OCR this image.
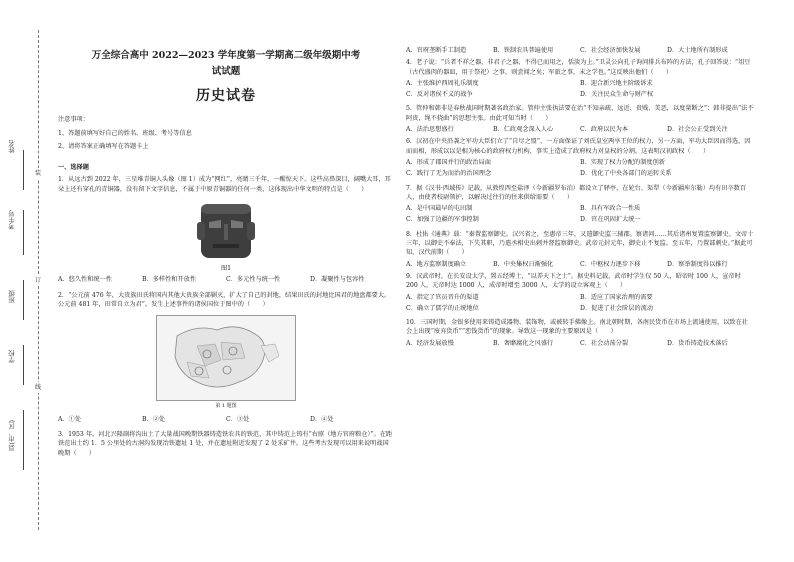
姓名
考生号
班级
学校
县(市、区)
装
订
线
万全综合高中 2022—2023 学年度第一学期高二级年级期中考
试试题
历史试卷

注意事项：

1、答题前填写好自己的姓名、班级、考号等信息

2、请将答案正确填写在答题卡上

一、选择题

1．从远古到 2022 年，三星堆青铜人头像（图 1）成为“网红”，亮睛三千年，一醒惊天下。这些高鼻深目，阔嘴大耳，耳朵上还有穿孔的青铜器，没有留下文字信息，不属于中原青铜器的任何一类，这体现出中华文明的特点是（　　）

图1

A．悠久性和统一性	B．多样性和开放性	C．多元性与统一性	D．凝聚性与包容性

2．“公元前 476 年，大贵族田氏将国内其他大贵族全部剿灭，扩大了自己的封地，结果田氏的封地比国君的地盘都要大。公元前 481 年，田常自立为君”。发生上述事件的诸侯国位于图中的（　　）

第 1 题图

A．①处	B．②处	C．③处	D．④处

3．1953 年，河北兴隆副将沟出土了大量战国晚期铁器铸造铁农具的铁范，其中铸范上铸有“右廪（地方官府粮仓）”。在距铁范出土约 1．5 公里处的古洞沟发现冶铁遗址 1 处，并在遗址附近发现了 2 处采矿井。这些考古发现可以用来说明战国晚期（　　）

A．官府垄断手工制造	B．铁制农具普遍使用	C．社会经济加快发展	D．大土地所有制形成

4．老子说：“兵者不祥之器，非君子之器，不得已而用之，恬淡为上。”卫灵公向孔子询问排兵布阵的方法，孔子回答说：“俎豆（古代盛肉的器皿，用于祭祀）之事，则尝闻之矣；军旅之事，未之学也。”这反映出他们（　　）

A．主张维护西周礼乐制度	B．迎合新兴地主阶级诉求
C．反对诸侯不义的战争	D．关注民众生命与财产权

5．管仲和韩非是春秋战国时期著名政治家。管仲主张执法要在治“不知亲疏、远近、贵贱、美恶，以度量断之”；韩非提出“法不阿贵，绳不挠曲”的思想主张。由此可知当时（　　）

A．法治思想盛行	B．仁政观念深入人心	C．政府以民为本	D．社会公正受到关注

6．汉初在中央沿袭之军功大臣们立了“自尽之盟”，一方面保证了刘氏皇室两享王位的权力，另一方面，军功大臣因而得选，因而而相，形成以以是相为核心的政府权力机构，事实上造成了政府权力对皇权的分割。这表明汉初政权（　　）

A．形成了郡国并行的政治局面	B．实现了权力分配的制度创新
C．践行了无为而治的治国理念	D．优化了中央各部门的运转关系

7．据《汉书·西域传》记载，从敦煌西至盐泽（今新疆罗布泊）都设立了驿亭，在轮台、渠犁（今新疆库尔勒）均有田卒数百人，由使者校尉领护，以解决过往行的往来供给需要（　　）

A．是中国最早的屯田制	B．具有军政合一性质
C．加强了边疆的军事控制	D．官在巩固扩大统一

8．杜佑《通典》载：“秦置监察御史。汉兴省之，至惠帝三年，又遣御史监三辅郡。察诸问……其后诸州复置监察御史。文帝十三年，以御史不奉法，下失其职，乃遣丞相史出刺并督监察御史。武帝元封元年，御史止不复监。至五年，乃置部刺史。”据此可知，汉代前期（　　）

A．地方监察制度确立	B．中央集权日渐强化	C．中枢权力逐步下移	D．察举制度得以推行

9．汉武帝时，在长安设太学，置五经博士，“以养天下之士”。据史料记载，武帝时学生仅 50 人，昭帝时 100 人，宣帝时 200 人，元帝时达 1000 人，成帝时增至 3000 人，太学的设立客观上（　　）

A．指定了官员晋升的渠道	B．适应了国家治理的需要
C．确立了儒学的正统地位	D．促进了社会阶层的流动

10．三国时期，金银多使用来铸造成器物、装饰物，或被转手佛像上。南北朝时期，各南民货币在市场上流通使用，以致在社会上出现“废弃货币”“恋钱货币”的现象。导致这一现象的主要原因是（　　）

A．经济发展放慢	B．奢靡腐化之风盛行	C．社会动荡分裂	D．货币铸造技术落后
